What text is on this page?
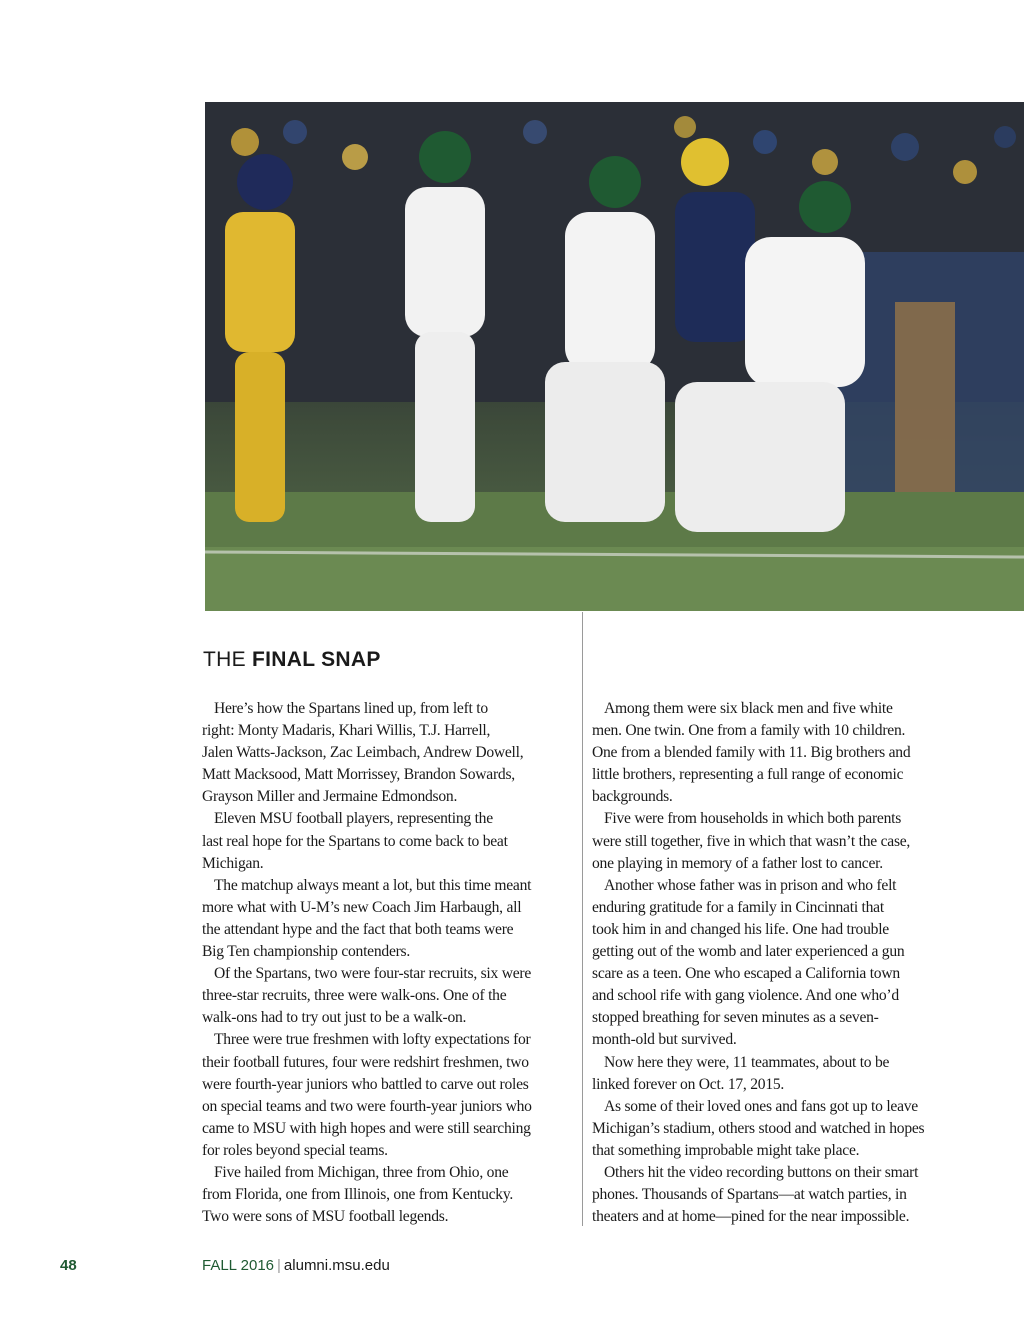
THE FINAL SNAP
Here’s how the Spartans lined up, from left to
right: Monty Madaris, Khari Willis, T.J. Harrell,
Jalen Watts-Jackson, Zac Leimbach, Andrew Dowell,
Matt Macksood, Matt Morrissey, Brandon Sowards,
Grayson Miller and Jermaine Edmondson.
Eleven MSU football players, representing the
last real hope for the Spartans to come back to beat
Michigan.
The matchup always meant a lot, but this time meant
more what with U-M’s new Coach Jim Harbaugh, all
the attendant hype and the fact that both teams were
Big Ten championship contenders.
Of the Spartans, two were four-star recruits, six were
three-star recruits, three were walk-ons. One of the
walk-ons had to try out just to be a walk-on.
Three were true freshmen with lofty expectations for
their football futures, four were redshirt freshmen, two
were fourth-year juniors who battled to carve out roles
on special teams and two were fourth-year juniors who
came to MSU with high hopes and were still searching
for roles beyond special teams.
Five hailed from Michigan, three from Ohio, one
from Florida, one from Illinois, one from Kentucky.
Two were sons of MSU football legends.
Among them were six black men and five white
men. One twin. One from a family with 10 children.
One from a blended family with 11. Big brothers and
little brothers, representing a full range of economic
backgrounds.
Five were from households in which both parents
were still together, five in which that wasn’t the case,
one playing in memory of a father lost to cancer.
Another whose father was in prison and who felt
enduring gratitude for a family in Cincinnati that
took him in and changed his life. One had trouble
getting out of the womb and later experienced a gun
scare as a teen. One who escaped a California town
and school rife with gang violence. And one who’d
stopped breathing for seven minutes as a seven-
month-old but survived.
Now here they were, 11 teammates, about to be
linked forever on Oct. 17, 2015.
As some of their loved ones and fans got up to leave
Michigan’s stadium, others stood and watched in hopes
that something improbable might take place.
Others hit the video recording buttons on their smart
phones. Thousands of Spartans—at watch parties, in
theaters and at home—pined for the near impossible.
48	FALL 2016 | alumni.msu.edu
